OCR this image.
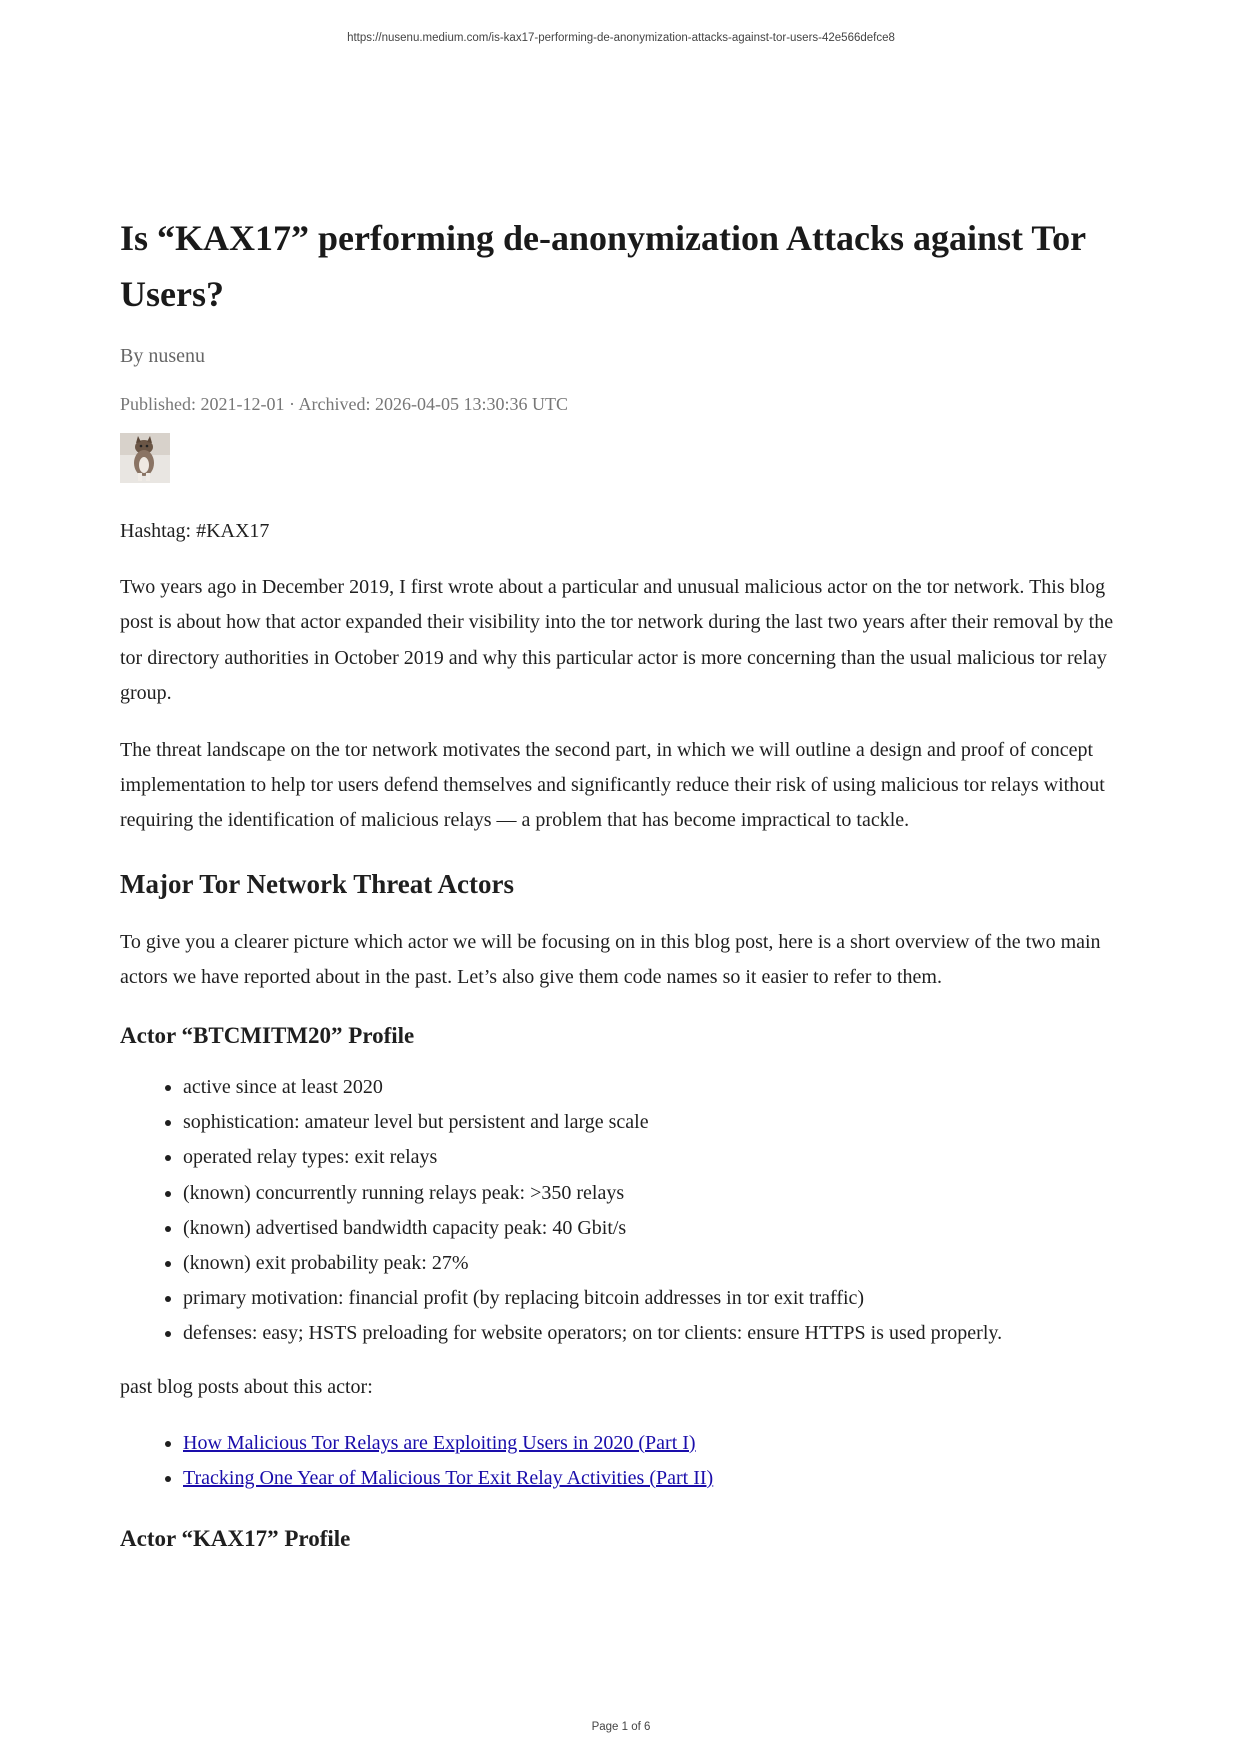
https://nusenu.medium.com/is-kax17-performing-de-anonymization-attacks-against-tor-users-42e566defce8
Is “KAX17” performing de-anonymization Attacks against Tor Users?
By nusenu
Published: 2021-12-01 · Archived: 2026-04-05 13:30:36 UTC

Hashtag: #KAX17

Two years ago in December 2019, I first wrote about a particular and unusual malicious actor on the tor network. This blog post is about how that actor expanded their visibility into the tor network during the last two years after their removal by the tor directory authorities in October 2019 and why this particular actor is more concerning than the usual malicious tor relay group.

The threat landscape on the tor network motivates the second part, in which we will outline a design and proof of concept implementation to help tor users defend themselves and significantly reduce their risk of using malicious tor relays without requiring the identification of malicious relays — a problem that has become impractical to tackle.

Major Tor Network Threat Actors

To give you a clearer picture which actor we will be focusing on in this blog post, here is a short overview of the two main actors we have reported about in the past. Let’s also give them code names so it easier to refer to them.

Actor “BTCMITM20” Profile
• active since at least 2020
• sophistication: amateur level but persistent and large scale
• operated relay types: exit relays
• (known) concurrently running relays peak: >350 relays
• (known) advertised bandwidth capacity peak: 40 Gbit/s
• (known) exit probability peak: 27%
• primary motivation: financial profit (by replacing bitcoin addresses in tor exit traffic)
• defenses: easy; HSTS preloading for website operators; on tor clients: ensure HTTPS is used properly.

past blog posts about this actor:

• How Malicious Tor Relays are Exploiting Users in 2020 (Part I)
• Tracking One Year of Malicious Tor Exit Relay Activities (Part II)
Actor “KAX17” Profile
Page 1 of 6
